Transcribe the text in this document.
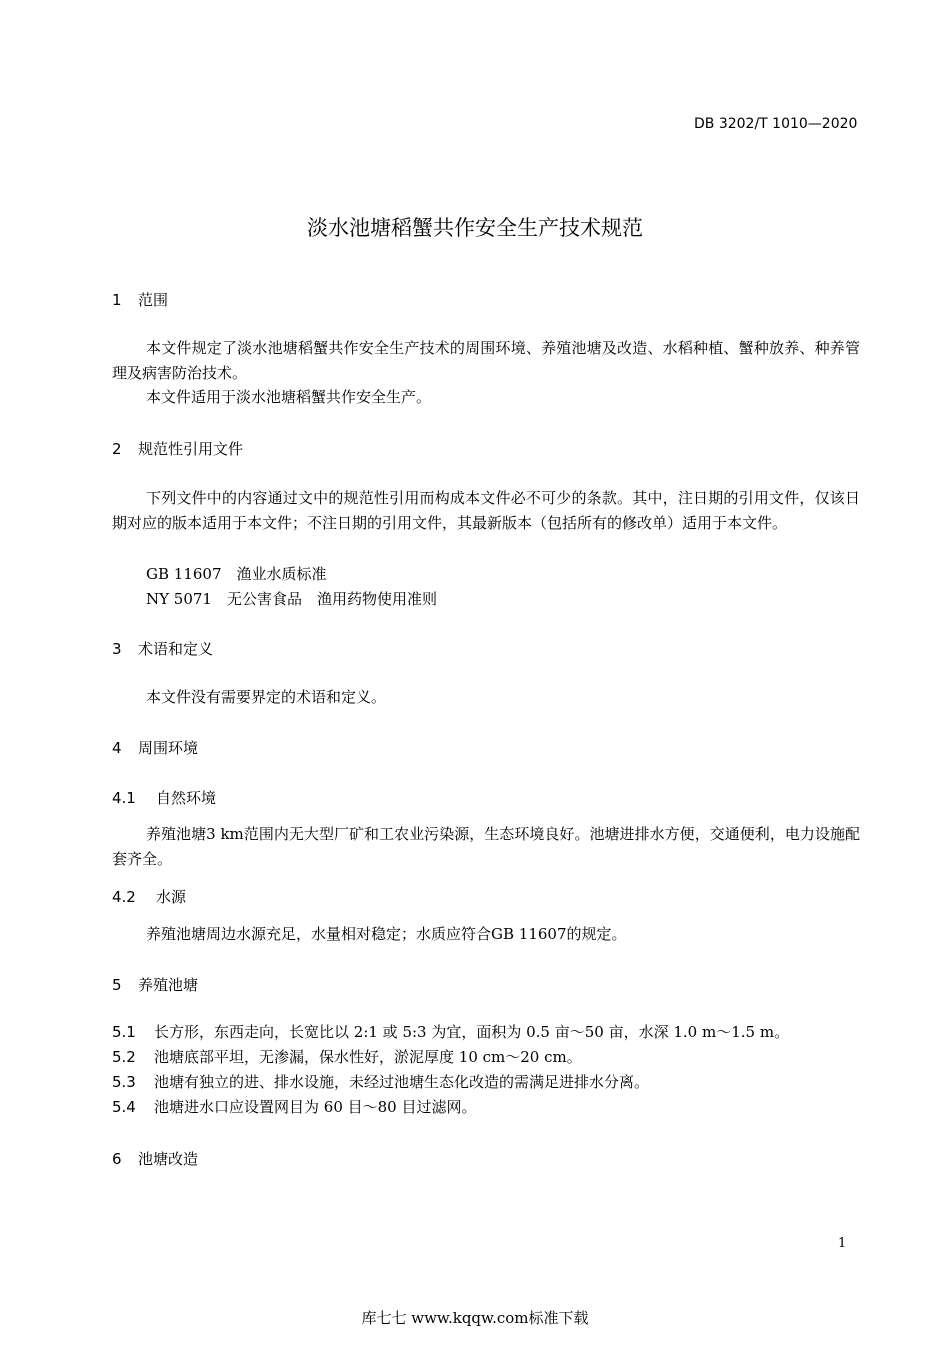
DB 3202/T 1010—2020
淡水池塘稻蟹共作安全生产技术规范
1 范围
本文件规定了淡水池塘稻蟹共作安全生产技术的周围环境、养殖池塘及改造、水稻种植、蟹种放养、种养管理及病害防治技术。
本文件适用于淡水池塘稻蟹共作安全生产。
2 规范性引用文件
下列文件中的内容通过文中的规范性引用而构成本文件必不可少的条款。其中，注日期的引用文件，仅该日期对应的版本适用于本文件；不注日期的引用文件，其最新版本（包括所有的修改单）适用于本文件。
GB 11607　 渔业水质标准
NY 5071　 无公害食品　渔用药物使用准则
3 术语和定义
本文件没有需要界定的术语和定义。
4 周围环境
4.1 自然环境
养殖池塘3 km范围内无大型厂矿和工农业污染源，生态环境良好。池塘进排水方便，交通便利，电力设施配套齐全。
4.2 水源
养殖池塘周边水源充足，水量相对稳定；水质应符合GB 11607的规定。
5 养殖池塘
5.1 长方形，东西走向，长宽比以 2:1 或 5:3 为宜，面积为 0.5 亩～50 亩，水深 1.0 m～1.5 m。
5.2 池塘底部平坦，无渗漏，保水性好，淤泥厚度 10 cm～20 cm。
5.3 池塘有独立的进、排水设施，未经过池塘生态化改造的需满足进排水分离。
5.4 池塘进水口应设置网目为 60 目～80 目过滤网。
6 池塘改造
1
库七七 www.kqqw.com标准下载
